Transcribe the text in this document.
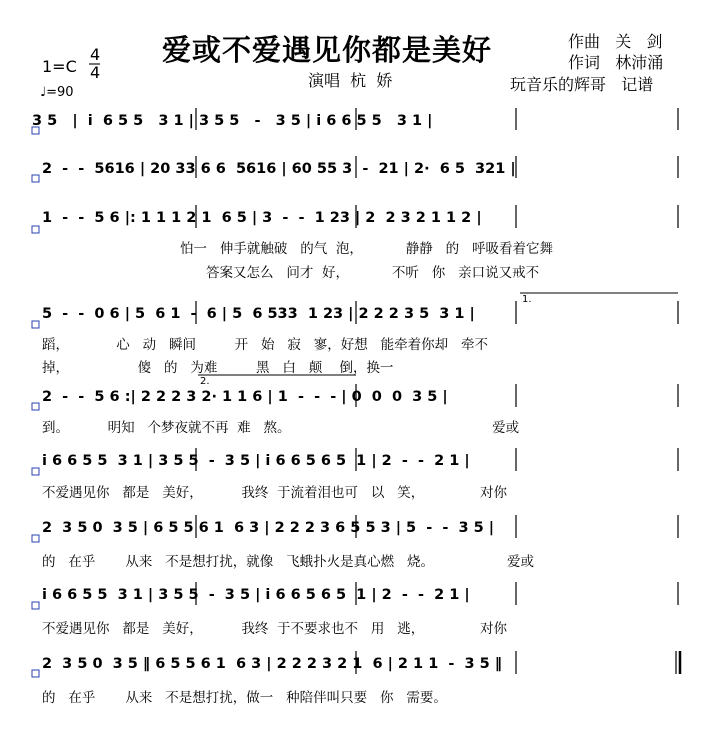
爱或不爱遇见你都是美好	作曲   关   剑
作词   林沛涌
玩音乐的辉哥   记谱
演唱  杭  娇
1=C
4
4
♩=90
3 5   |  i  6 5 5   3 1 | 3 5 5   -   3 5 | i 6 6 5 5   3 1 |
2  -  -  5616 | 20 33 6 6  5616 | 60 55 3  -  21 | 2·  6 5  321 |
1  -  -  5 6 |: 1 1 1 2 1  6 5 | 3  -  -  1 23 | 2  2 3 2 1 1 2 |
怕一   伸手就触破   的气  泡，          静静   的   呼吸看着它舞
答案又怎么   问才  好，          不听   你   亲口说又戒不
5  -  -  0 6 | 5  6 1  -  6 | 5  6 533  1 23 | 2 2 2 3 5  3 1 |
1.
蹈，           心   动   瞬间         开   始   寂   寥，好想   能牵着你却   牵不
掉，                傻   的   为难         黑   白   颠    倒，换一
2  -  -  5 6 :| 2 2 2 3 2· 1 1 6 | 1  -  -  - | 0  0  0  3 5 |
2.
到。         明知   个梦夜就不再  难   熬。                                               爱或
i 6 6 5 5  3 1 | 3 5 5  -  3 5 | i 6 6 5 6 5  1 | 2  -  -  2 1 |
不爱遇见你   都是   美好，         我终  于流着泪也可   以   笑，             对你
2  3 5 0  3 5 | 6 5 5 6 1  6 3 | 2 2 2 3 6 5 5 3 | 5  -  -  3 5 |
的   在乎       从来   不是想打扰，就像   飞蛾扑火是真心燃   烧。                 爱或
i 6 6 5 5  3 1 | 3 5 5  -  3 5 | i 6 6 5 6 5  1 | 2  -  -  2 1 |
不爱遇见你   都是   美好，         我终  于不要求也不   用   逃，             对你
2  3 5 0  3 5 ‖ 6 5 5 6 1  6 3 | 2 2 2 3 2 1  6 | 2 1 1  -  3 5 ‖
的   在乎       从来   不是想打扰，做一   种陪伴叫只要   你   需要。
